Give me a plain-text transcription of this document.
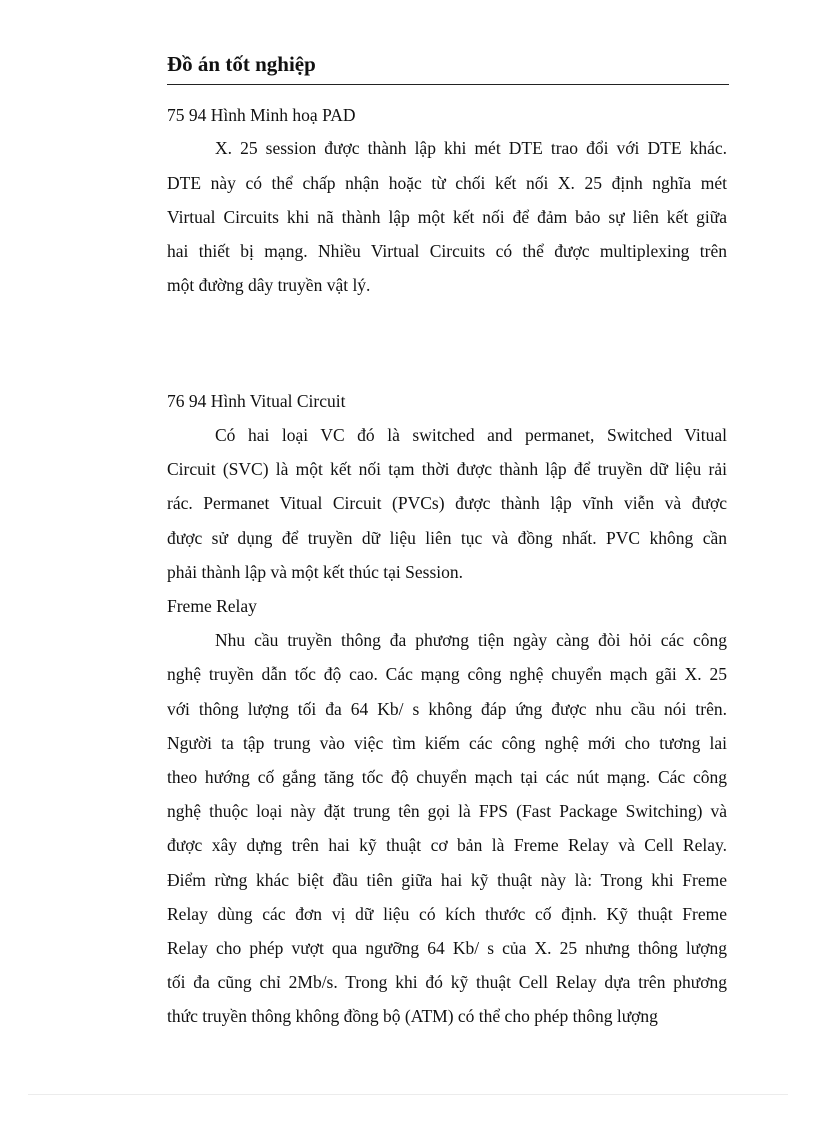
Đồ án tốt nghiệp
75 94 Hình Minh hoạ PAD
X. 25 session được thành lập khi mét DTE trao đổi với DTE khác.
DTE này có thể chấp nhận hoặc từ chối kết nối X. 25 định nghĩa mét
Virtual Circuits khi nã thành lập một kết nối để đảm bảo sự liên kết giữa
hai thiết bị mạng. Nhiều Virtual Circuits có thể được multiplexing trên
một đường dây truyền vật lý.
76 94 Hình Vitual Circuit
Có hai loại VC đó là switched and permanet, Switched Vitual
Circuit (SVC) là một kết nối tạm thời được thành lập để truyền dữ liệu rải
rác. Permanet Vitual Circuit (PVCs) được thành lập vĩnh viễn và được
được sử dụng để truyền dữ liệu liên tục và đồng nhất. PVC không cần
phải thành lập và một kết thúc tại Session.
Freme Relay
Nhu cầu truyền thông đa phương tiện ngày càng đòi hỏi các công
nghệ truyền dẫn tốc độ cao. Các mạng công nghệ chuyển mạch gãi X. 25
với thông lượng tối đa 64 Kb/ s không đáp ứng được nhu cầu nói trên.
Người ta tập trung vào việc tìm kiếm các công nghệ mới cho tương lai
theo hướng cố gắng tăng tốc độ chuyển mạch tại các nút mạng. Các công
nghệ thuộc loại này đặt trung tên gọi là FPS (Fast Package Switching) và
được xây dựng trên hai kỹ thuật cơ bản là Freme Relay và Cell Relay.
Điểm rừng khác biệt đầu tiên giữa hai kỹ thuật này là: Trong khi Freme
Relay dùng các đơn vị dữ liệu có kích thước cố định. Kỹ thuật Freme
Relay cho phép vượt qua ngưỡng 64 Kb/ s của X. 25 nhưng thông lượng
tối đa cũng chỉ 2Mb/s. Trong khi đó kỹ thuật Cell Relay dựa trên phương
thức truyền thông không đồng bộ (ATM) có thể cho phép thông lượng
